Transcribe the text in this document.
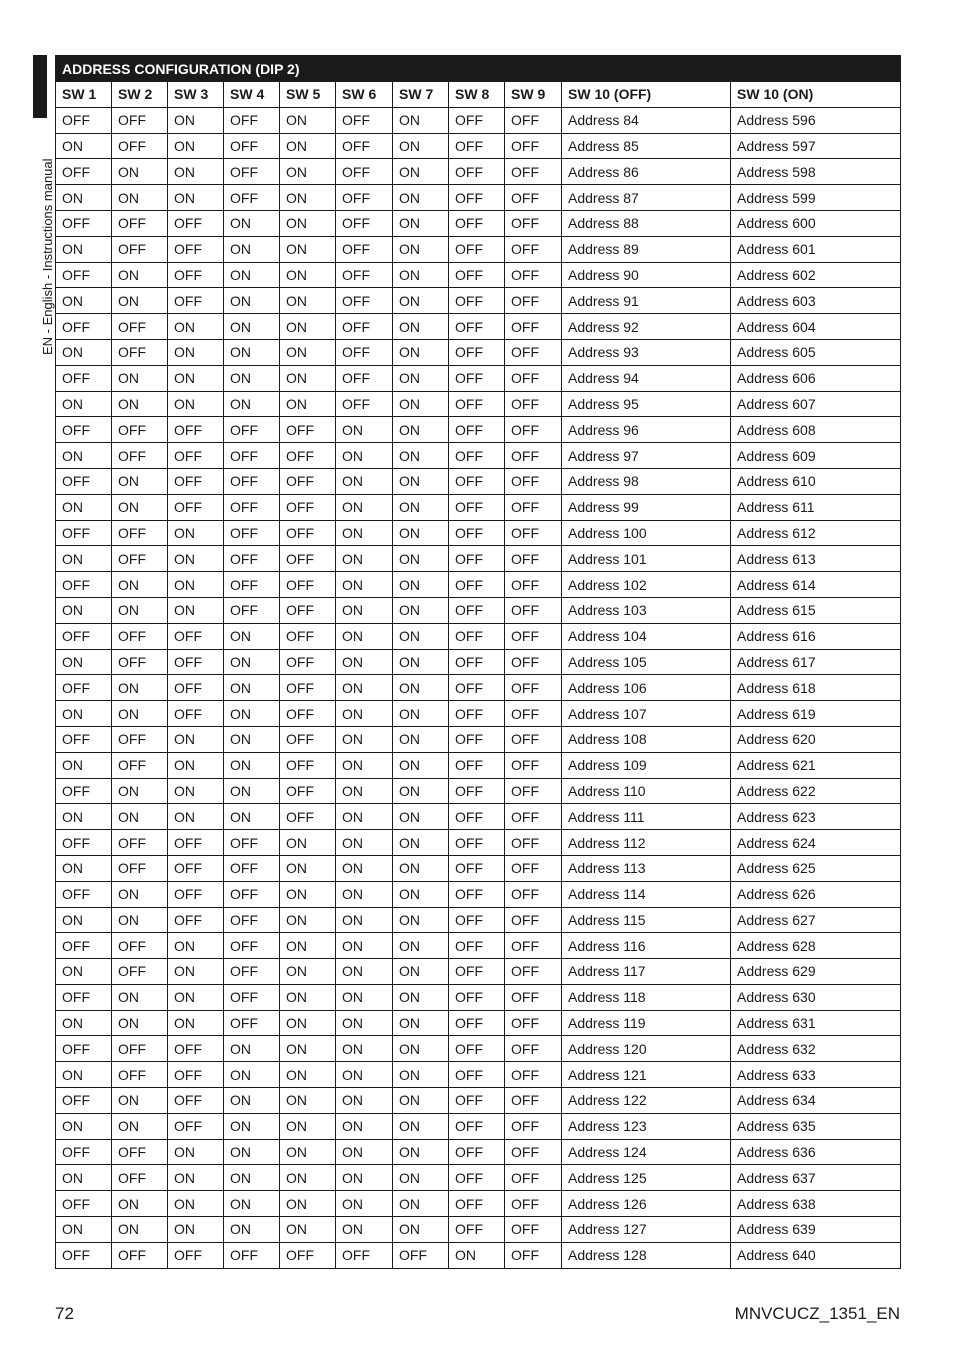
EN - English - Instructions manual
ADDRESS CONFIGURATION (DIP 2)										
SW 1	SW 2	SW 3	SW 4	SW 5	SW 6	SW 7	SW 8	SW 9	SW 10 (OFF)	SW 10 (ON)
OFF	OFF	ON	OFF	ON	OFF	ON	OFF	OFF	Address 84	Address 596
ON	OFF	ON	OFF	ON	OFF	ON	OFF	OFF	Address 85	Address 597
OFF	ON	ON	OFF	ON	OFF	ON	OFF	OFF	Address 86	Address 598
ON	ON	ON	OFF	ON	OFF	ON	OFF	OFF	Address 87	Address 599
OFF	OFF	OFF	ON	ON	OFF	ON	OFF	OFF	Address 88	Address 600
ON	OFF	OFF	ON	ON	OFF	ON	OFF	OFF	Address 89	Address 601
OFF	ON	OFF	ON	ON	OFF	ON	OFF	OFF	Address 90	Address 602
ON	ON	OFF	ON	ON	OFF	ON	OFF	OFF	Address 91	Address 603
OFF	OFF	ON	ON	ON	OFF	ON	OFF	OFF	Address 92	Address 604
ON	OFF	ON	ON	ON	OFF	ON	OFF	OFF	Address 93	Address 605
OFF	ON	ON	ON	ON	OFF	ON	OFF	OFF	Address 94	Address 606
ON	ON	ON	ON	ON	OFF	ON	OFF	OFF	Address 95	Address 607
OFF	OFF	OFF	OFF	OFF	ON	ON	OFF	OFF	Address 96	Address 608
ON	OFF	OFF	OFF	OFF	ON	ON	OFF	OFF	Address 97	Address 609
OFF	ON	OFF	OFF	OFF	ON	ON	OFF	OFF	Address 98	Address 610
ON	ON	OFF	OFF	OFF	ON	ON	OFF	OFF	Address 99	Address 611
OFF	OFF	ON	OFF	OFF	ON	ON	OFF	OFF	Address 100	Address 612
ON	OFF	ON	OFF	OFF	ON	ON	OFF	OFF	Address 101	Address 613
OFF	ON	ON	OFF	OFF	ON	ON	OFF	OFF	Address 102	Address 614
ON	ON	ON	OFF	OFF	ON	ON	OFF	OFF	Address 103	Address 615
OFF	OFF	OFF	ON	OFF	ON	ON	OFF	OFF	Address 104	Address 616
ON	OFF	OFF	ON	OFF	ON	ON	OFF	OFF	Address 105	Address 617
OFF	ON	OFF	ON	OFF	ON	ON	OFF	OFF	Address 106	Address 618
ON	ON	OFF	ON	OFF	ON	ON	OFF	OFF	Address 107	Address 619
OFF	OFF	ON	ON	OFF	ON	ON	OFF	OFF	Address 108	Address 620
ON	OFF	ON	ON	OFF	ON	ON	OFF	OFF	Address 109	Address 621
OFF	ON	ON	ON	OFF	ON	ON	OFF	OFF	Address 110	Address 622
ON	ON	ON	ON	OFF	ON	ON	OFF	OFF	Address 111	Address 623
OFF	OFF	OFF	OFF	ON	ON	ON	OFF	OFF	Address 112	Address 624
ON	OFF	OFF	OFF	ON	ON	ON	OFF	OFF	Address 113	Address 625
OFF	ON	OFF	OFF	ON	ON	ON	OFF	OFF	Address 114	Address 626
ON	ON	OFF	OFF	ON	ON	ON	OFF	OFF	Address 115	Address 627
OFF	OFF	ON	OFF	ON	ON	ON	OFF	OFF	Address 116	Address 628
ON	OFF	ON	OFF	ON	ON	ON	OFF	OFF	Address 117	Address 629
OFF	ON	ON	OFF	ON	ON	ON	OFF	OFF	Address 118	Address 630
ON	ON	ON	OFF	ON	ON	ON	OFF	OFF	Address 119	Address 631
OFF	OFF	OFF	ON	ON	ON	ON	OFF	OFF	Address 120	Address 632
ON	OFF	OFF	ON	ON	ON	ON	OFF	OFF	Address 121	Address 633
OFF	ON	OFF	ON	ON	ON	ON	OFF	OFF	Address 122	Address 634
ON	ON	OFF	ON	ON	ON	ON	OFF	OFF	Address 123	Address 635
OFF	OFF	ON	ON	ON	ON	ON	OFF	OFF	Address 124	Address 636
ON	OFF	ON	ON	ON	ON	ON	OFF	OFF	Address 125	Address 637
OFF	ON	ON	ON	ON	ON	ON	OFF	OFF	Address 126	Address 638
ON	ON	ON	ON	ON	ON	ON	OFF	OFF	Address 127	Address 639
OFF	OFF	OFF	OFF	OFF	OFF	OFF	ON	OFF	Address 128	Address 640
72	MNVCUCZ_1351_EN
